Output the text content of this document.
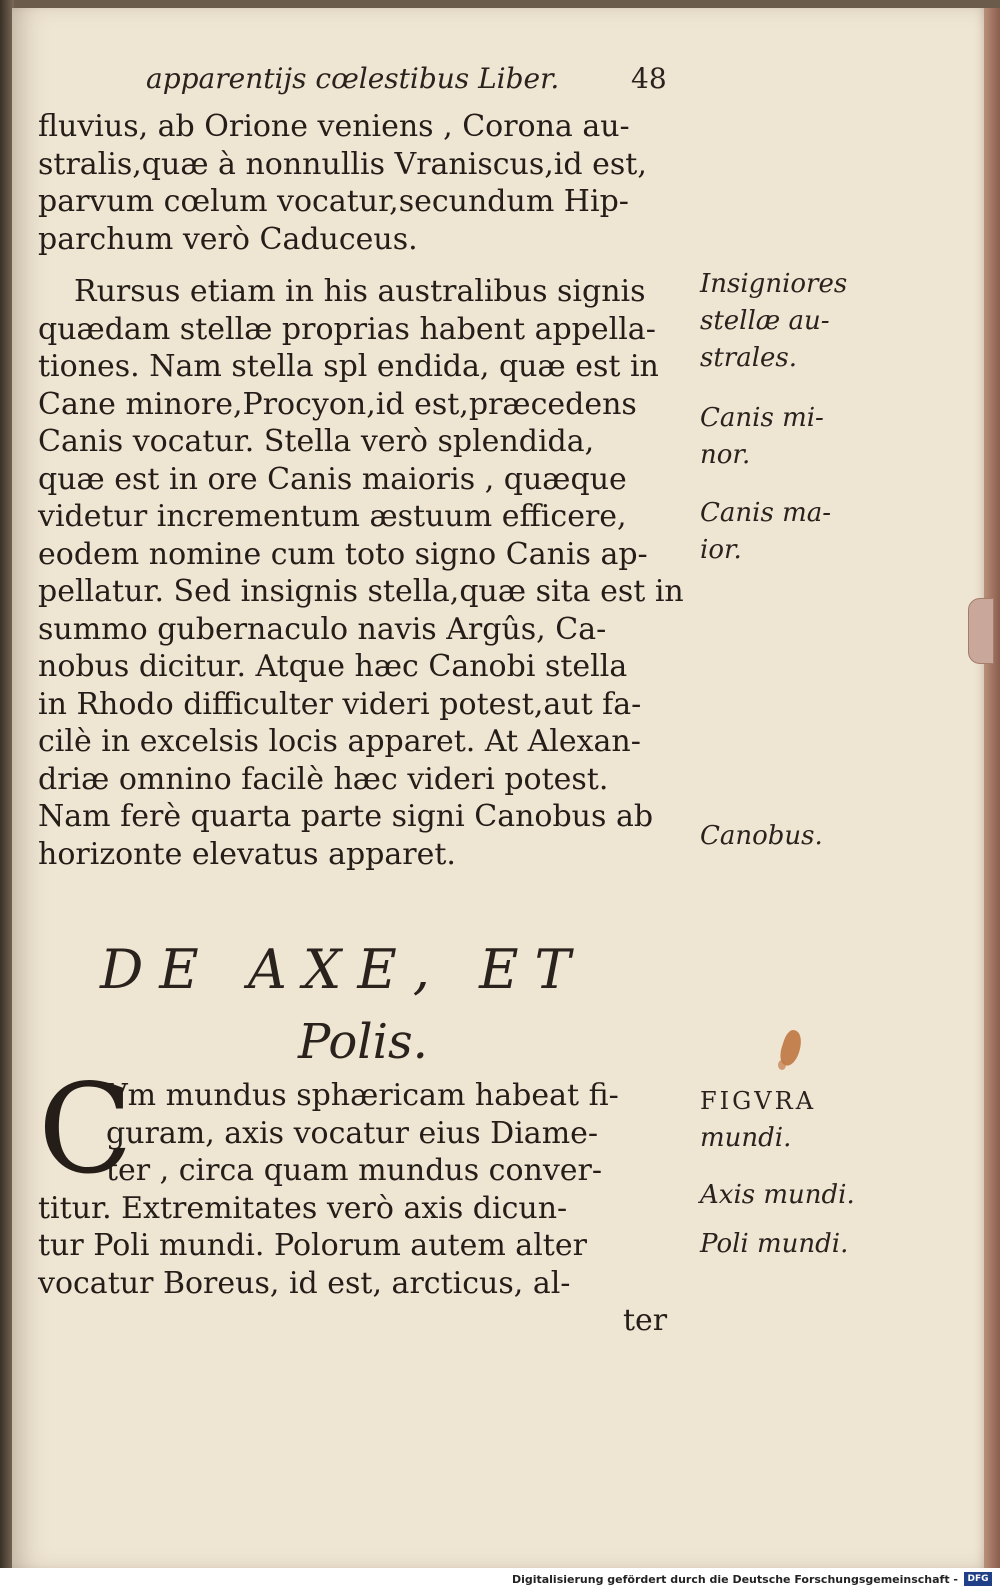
apparentijs cœlestibus Liber.	48
fluvius, ab Orione veniens , Corona au-
stralis,quæ à nonnullis Vraniscus,id est,
parvum cœlum vocatur,secundum Hip-
parchum verò Caduceus.
Rursus etiam in his australibus signis
quædam stellæ proprias habent appella-
tiones. Nam stella spl endida, quæ est in
Cane minore,Procyon,id est,præcedens
Canis vocatur. Stella verò splendida,
quæ est in ore Canis maioris , quæque
videtur incrementum æstuum efficere,
eodem nomine cum toto signo Canis ap-
pellatur. Sed insignis stella,quæ sita est in
summo gubernaculo navis Argûs, Ca-
nobus dicitur. Atque hæc Canobi stella
in Rhodo difficulter videri potest,aut fa-
cilè in excelsis locis apparet. At Alexan-
driæ omnino facilè hæc videri potest.
Nam ferè quarta parte signi Canobus ab
horizonte elevatus apparet.
DE AXE, ET
Polis.
C
Vm mundus sphæricam habeat fi-
guram, axis vocatur eius Diame-
ter , circa quam mundus conver-
titur. Extremitates verò axis dicun-
tur Poli mundi. Polorum autem alter
vocatur Boreus, id est, arcticus, al-
ter
Insigniores
stellæ au-
strales.
Canis mi-
nor.
Canis ma-
ior.
Canobus.
FIGVRA
mundi.
Axis mundi.
Poli mundi.
Digitalisierung gefördert durch die Deutsche Forschungsgemeinschaft -	DFG
